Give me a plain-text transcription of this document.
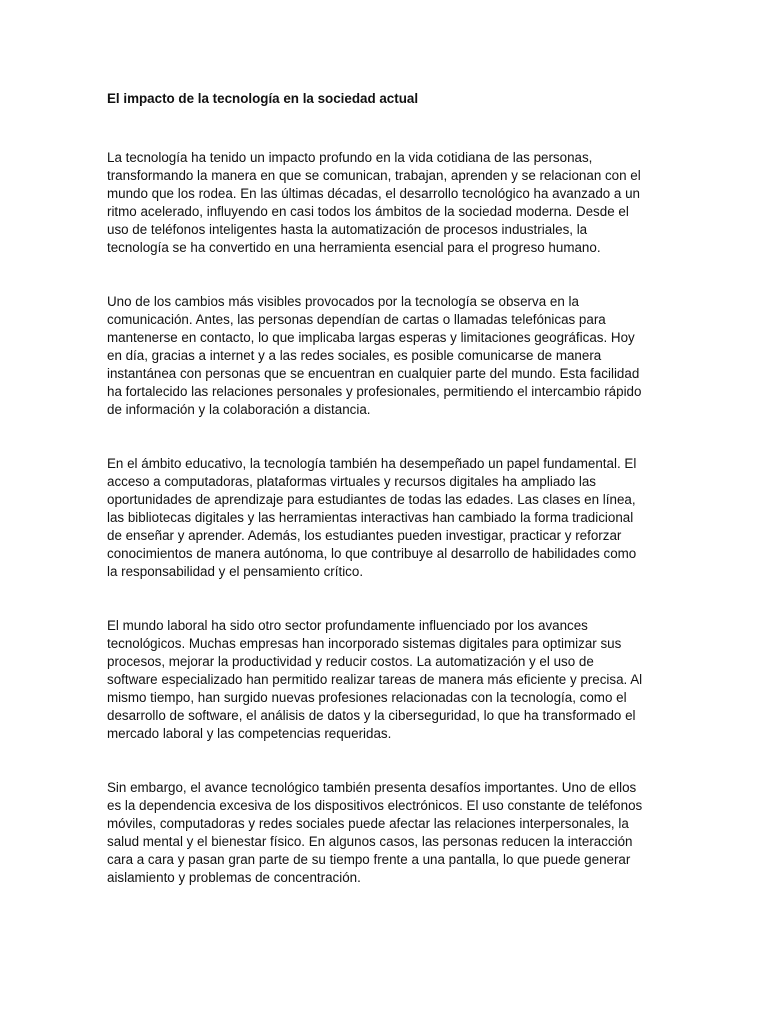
El impacto de la tecnología en la sociedad actual
La tecnología ha tenido un impacto profundo en la vida cotidiana de las personas,
transformando la manera en que se comunican, trabajan, aprenden y se relacionan con el
mundo que los rodea. En las últimas décadas, el desarrollo tecnológico ha avanzado a un
ritmo acelerado, influyendo en casi todos los ámbitos de la sociedad moderna. Desde el
uso de teléfonos inteligentes hasta la automatización de procesos industriales, la
tecnología se ha convertido en una herramienta esencial para el progreso humano.
Uno de los cambios más visibles provocados por la tecnología se observa en la
comunicación. Antes, las personas dependían de cartas o llamadas telefónicas para
mantenerse en contacto, lo que implicaba largas esperas y limitaciones geográficas. Hoy
en día, gracias a internet y a las redes sociales, es posible comunicarse de manera
instantánea con personas que se encuentran en cualquier parte del mundo. Esta facilidad
ha fortalecido las relaciones personales y profesionales, permitiendo el intercambio rápido
de información y la colaboración a distancia.
En el ámbito educativo, la tecnología también ha desempeñado un papel fundamental. El
acceso a computadoras, plataformas virtuales y recursos digitales ha ampliado las
oportunidades de aprendizaje para estudiantes de todas las edades. Las clases en línea,
las bibliotecas digitales y las herramientas interactivas han cambiado la forma tradicional
de enseñar y aprender. Además, los estudiantes pueden investigar, practicar y reforzar
conocimientos de manera autónoma, lo que contribuye al desarrollo de habilidades como
la responsabilidad y el pensamiento crítico.
El mundo laboral ha sido otro sector profundamente influenciado por los avances
tecnológicos. Muchas empresas han incorporado sistemas digitales para optimizar sus
procesos, mejorar la productividad y reducir costos. La automatización y el uso de
software especializado han permitido realizar tareas de manera más eficiente y precisa. Al
mismo tiempo, han surgido nuevas profesiones relacionadas con la tecnología, como el
desarrollo de software, el análisis de datos y la ciberseguridad, lo que ha transformado el
mercado laboral y las competencias requeridas.
Sin embargo, el avance tecnológico también presenta desafíos importantes. Uno de ellos
es la dependencia excesiva de los dispositivos electrónicos. El uso constante de teléfonos
móviles, computadoras y redes sociales puede afectar las relaciones interpersonales, la
salud mental y el bienestar físico. En algunos casos, las personas reducen la interacción
cara a cara y pasan gran parte de su tiempo frente a una pantalla, lo que puede generar
aislamiento y problemas de concentración.
